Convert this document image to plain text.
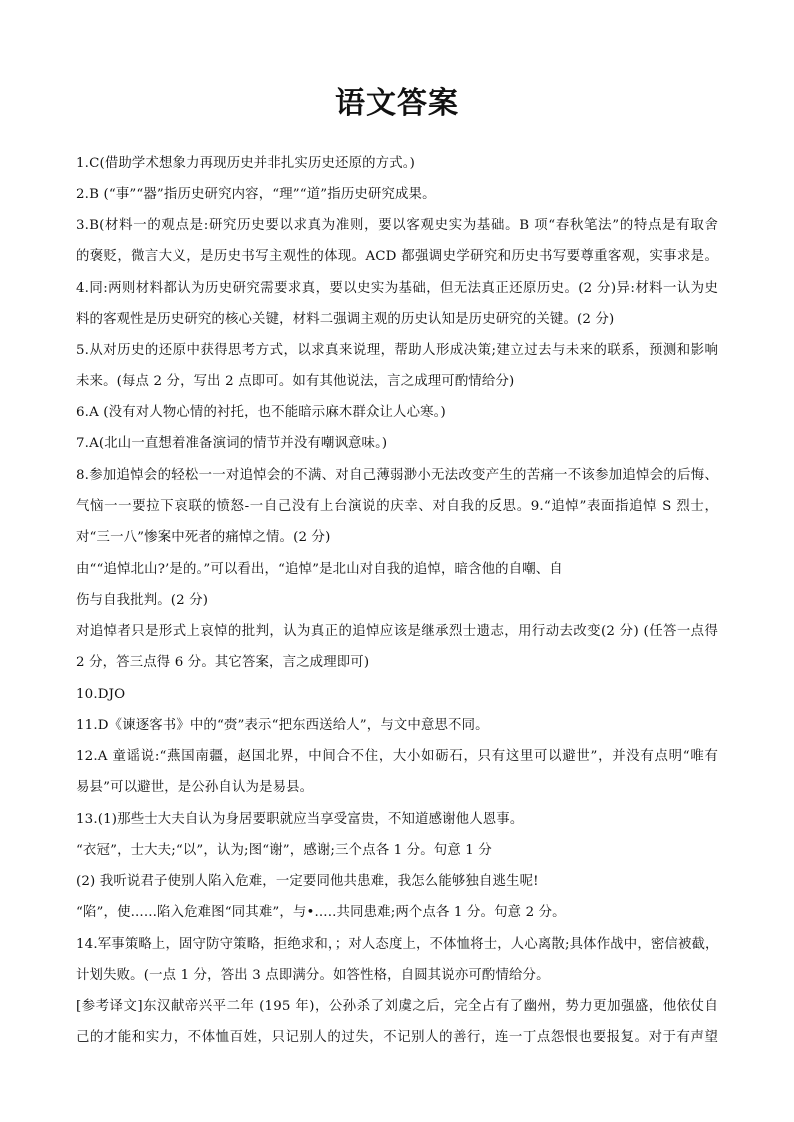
语文答案
1.C(借助学术想象力再现历史并非扎实历史还原的方式。)
2.B (“事”“器”指历史研究内容，“理”“道”指历史研究成果。
3.B(材料一的观点是:研究历史要以求真为准则，要以客观史实为基础。B 项“春秋笔法”的特点是有取舍
的褒贬，微言大义，是历史书写主观性的体现。ACD 都强调史学研究和历史书写要尊重客观，实事求是。
4.同:两则材料都认为历史研究需要求真，要以史实为基础，但无法真正还原历史。(2 分)异:材料一认为史
料的客观性是历史研究的核心关键，材料二强调主观的历史认知是历史研究的关键。(2 分)
5.从对历史的还原中获得思考方式，以求真来说理，帮助人形成决策;建立过去与未来的联系，预测和影响
未来。(每点 2 分，写出 2 点即可。如有其他说法，言之成理可酌情给分)
6.A (没有对人物心情的衬托，也不能暗示麻木群众让人心寒。)
7.A(北山一直想着准备演词的情节并没有嘲讽意味。)
8.参加追悼会的轻松一一对追悼会的不满、对自己薄弱渺小无法改变产生的苦痛一不该参加追悼会的后悔、
气恼一一要拉下哀联的愤怒-一自己没有上台演说的庆幸、对自我的反思。9.“追悼”表面指追悼 S 烈士，
对“三一八”惨案中死者的痛悼之情。(2 分)
由““追悼北山?’是的。”可以看出，“追悼”是北山对自我的追悼，暗含他的自嘲、自
伤与自我批判。(2 分)
对追悼者只是形式上哀悼的批判，认为真正的追悼应该是继承烈士遗志，用行动去改变(2 分) (任答一点得
2 分，答三点得 6 分。其它答案，言之成理即可)
10.DJO
11.D《谏逐客书》中的“赍”表示“把东西送给人”，与文中意思不同。
12.A 童谣说:“燕国南疆，赵国北界，中间合不住，大小如砺石，只有这里可以避世”，并没有点明“唯有
易县”可以避世，是公孙自认为是易县。
13.(1)那些士大夫自认为身居要职就应当享受富贵，不知道感谢他人恩事。
“衣冠”，士大夫;“以”，认为;图“谢”，感谢;三个点各 1 分。句意 1 分
(2) 我听说君子使别人陷入危难，一定要同他共患难，我怎么能够独自逃生呢!
“陷”，使......陷入危难图“同其难”，与•.....共同患难;两个点各 1 分。句意 2 分。
14.军事策略上，固守防守策略，拒绝求和，；对人态度上，不体恤将士，人心离散;具体作战中，密信被截，
计划失败。(一点 1 分，答出 3 点即满分。如答性格，自圆其说亦可酌情给分。
[参考译文]东汉献帝兴平二年 (195 年)，公孙杀了刘虞之后，完全占有了幽州，势力更加强盛，他依仗自
己的才能和实力，不体恤百姓，只记别人的过失，不记别人的善行，连一丁点怨恨也要报复。对于有声望
